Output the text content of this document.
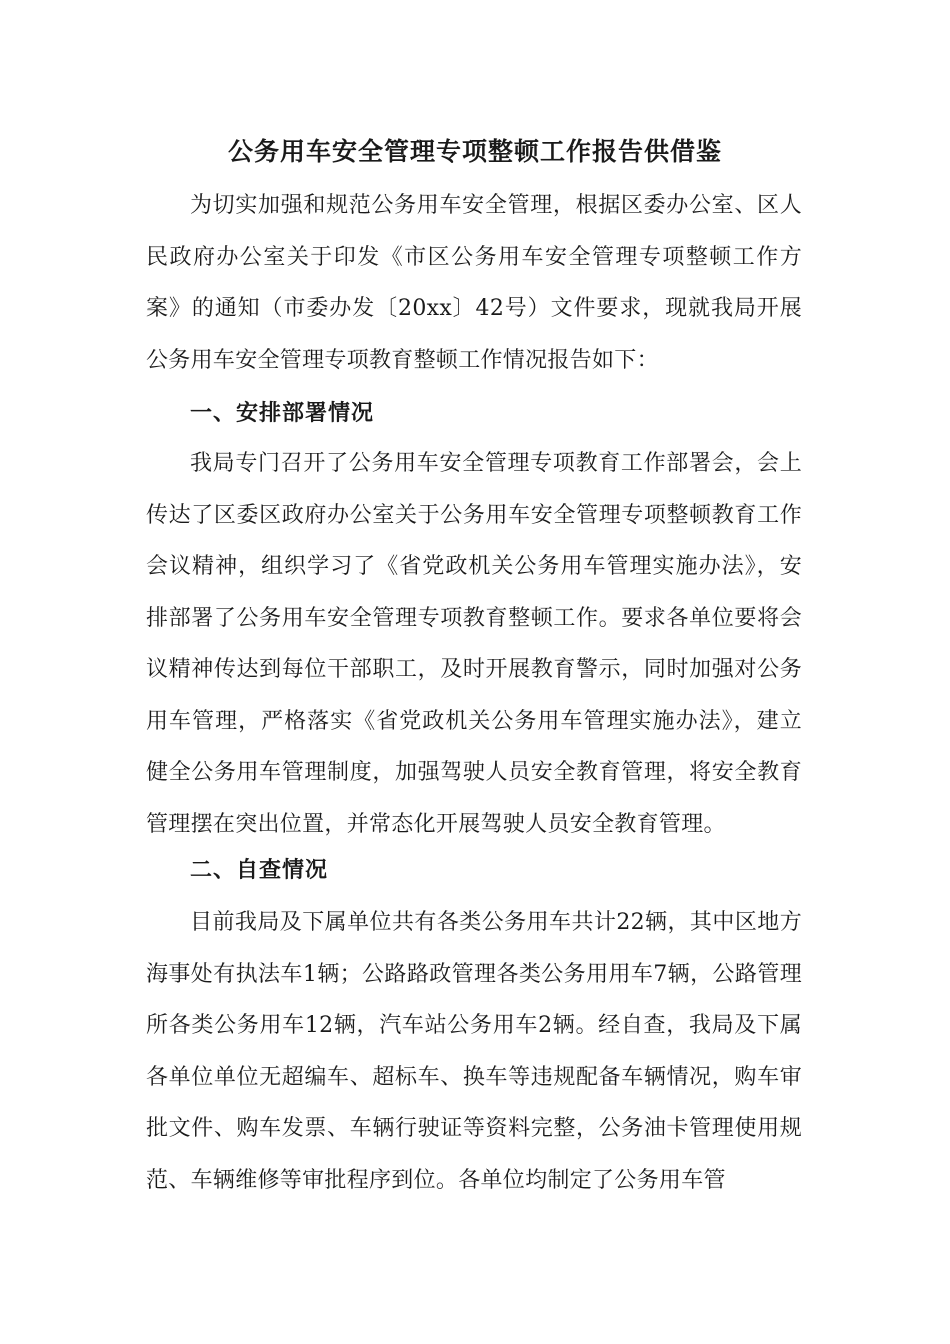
公务用车安全管理专项整顿工作报告供借鉴

为切实加强和规范公务用车安全管理，根据区委办公室、区人民政府办公室关于印发《市区公务用车安全管理专项整顿工作方案》的通知（市委办发〔20xx〕42号）文件要求，现就我局开展公务用车安全管理专项教育整顿工作情况报告如下：

一、安排部署情况

我局专门召开了公务用车安全管理专项教育工作部署会，会上传达了区委区政府办公室关于公务用车安全管理专项整顿教育工作会议精神，组织学习了《省党政机关公务用车管理实施办法》，安排部署了公务用车安全管理专项教育整顿工作。要求各单位要将会议精神传达到每位干部职工，及时开展教育警示，同时加强对公务用车管理，严格落实《省党政机关公务用车管理实施办法》，建立健全公务用车管理制度，加强驾驶人员安全教育管理，将安全教育管理摆在突出位置，并常态化开展驾驶人员安全教育管理。

二、自查情况

目前我局及下属单位共有各类公务用车共计22辆，其中区地方海事处有执法车1辆；公路路政管理各类公务用用车7辆，公路管理所各类公务用车12辆，汽车站公务用车2辆。经自查，我局及下属各单位单位无超编车、超标车、换车等违规配备车辆情况，购车审批文件、购车发票、车辆行驶证等资料完整，公务油卡管理使用规范、车辆维修等审批程序到位。各单位均制定了公务用车管
